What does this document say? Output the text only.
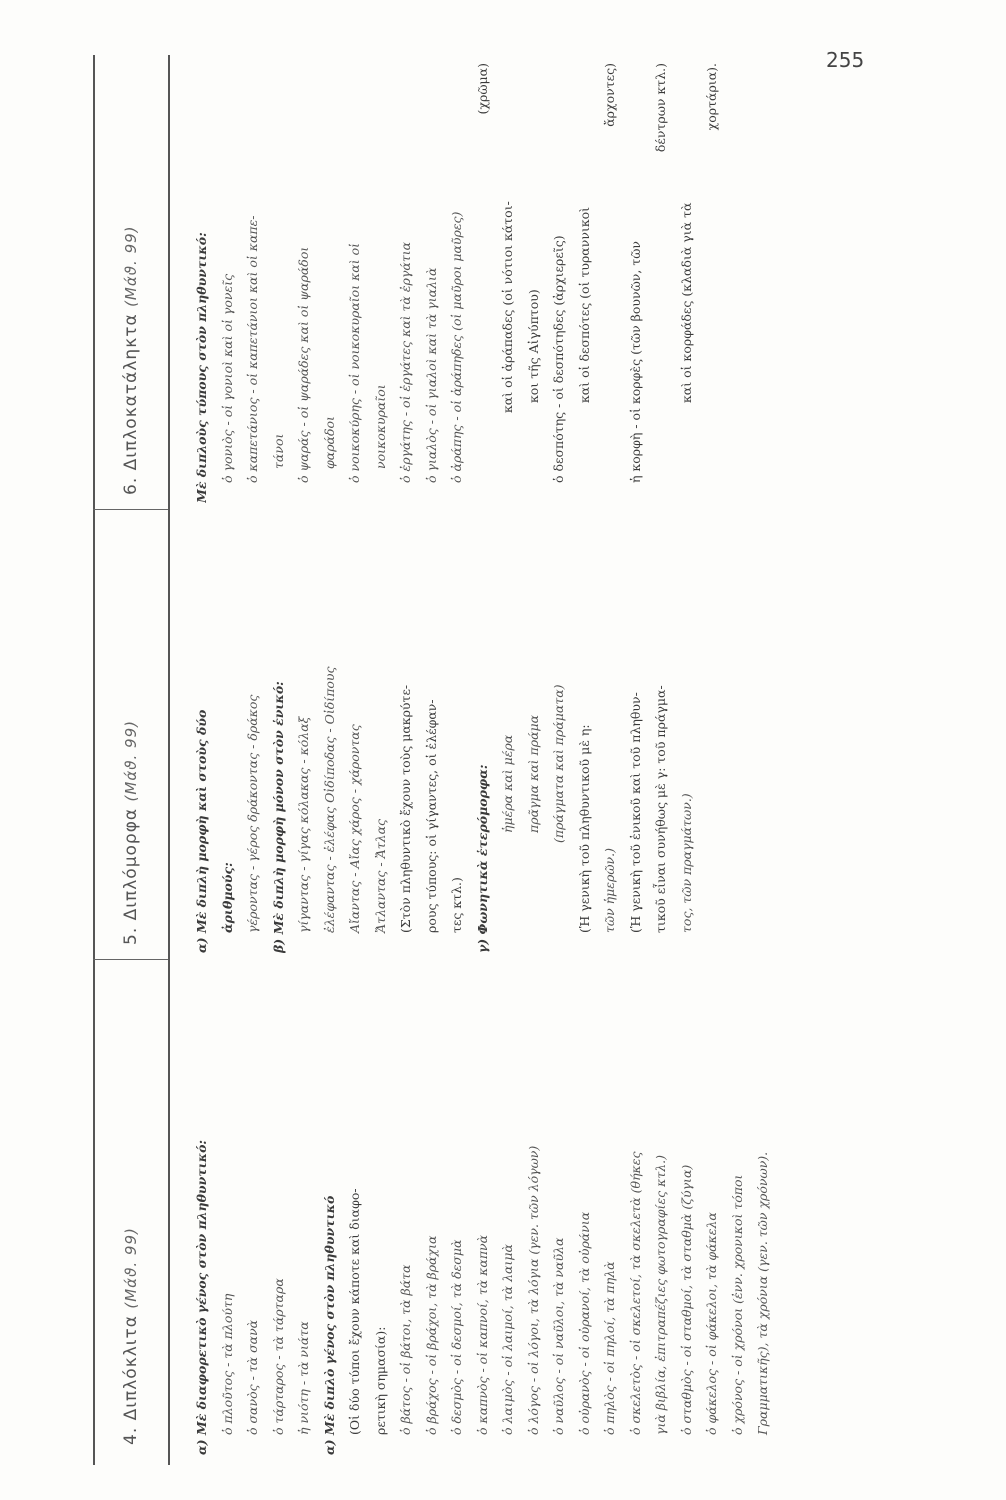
255
4. Διπλόκλιτα (Μάϑ. 99)
5. Διπλόμορφα (Μάϑ. 99)
6. Διπλοκατάληκτα (Μάϑ. 99)
α) Μὲ διαφορετικὸ γένος στὸν πληθυντικό: ὁ πλοῦτος - τὰ πλούτη ὁ σανὸς - τὰ σανὰ ὁ τάρταρος - τὰ τάρταρα ἡ νιότη - τὰ νιάτα α) Μὲ διπλὸ γένος στὸν πληθυντικό (Οἱ δύο τύποι ἔχουν κάποτε καὶ διαφο- ρετικὴ σημασία): ὁ βάτος - οἱ βάτοι, τὰ βάτα ὁ βράχος - οἱ βράχοι, τὰ βράχια ὁ δεσμὸς - οἱ δεσμοί, τὰ δεσμὰ ὁ καπνὸς - οἱ καπνοί, τὰ καπνὰ ὁ λαιμὸς - οἱ λαιμοί, τὰ λαιμὰ ὁ λόγος - οἱ λόγοι, τὰ λόγια (γεν. τῶν λόγων) ὁ ναῦλος - οἱ ναῦλοι, τὰ ναῦλα ὁ οὐρανὸς - οἱ οὐρανοί, τὰ οὐράνια ὁ πηλὸς - οἱ πηλοί, τὰ πηλὰ ὁ σκελετὸς - οἱ σκελετοί, τὰ σκελετὰ (θήκες γιὰ βιβλία, ἐπιτραπέζιες φωτογραφίες κτλ.) ὁ σταθμὸς - οἱ σταθμοί, τὰ σταθμὰ (ζύγια) ὁ φάκελος - οἱ φάκελοι, τὰ φάκελα ὁ χρόνος - οἱ χρόνοι (ἐνν. χρονικοὶ τόποι Γραμματικῆς), τὰ χρόνια (γεν. τῶν χρόνων).
α) Μὲ διπλὴ μορφὴ καὶ στοὺς δύο ἀριθμούς: γέροντας - γέρος δράκοντας - δράκος β) Μὲ διπλὴ μορφὴ μόνον στὸν ἑνικό: γίγαντας - γίγας κόλακας - κόλαξ ἐλέφαντας - ἐλέφας Οἰδίποδας - Οἰδίπους Αἴαντας - Αἴας χάρος - χάροντας Ἄτλαντας - Ἄτλας (Στὸν πληθυντικὸ ἔχουν τοὺς μακρύτε- ρους τύπους: οἱ γίγαντες, οἱ ἐλέφαν- τες κτλ.) γ) Φωνητικὰ ἑτερόμορφα: ἡμέρα καὶ μέρα πρᾶγμα καὶ πράμα (πράγματα καὶ πράματα) (Ἡ γενικὴ τοῦ πληθυντικοῦ μὲ η: τῶν ἡμερῶν.) (Ἡ γενικὴ τοῦ ἑνικοῦ καὶ τοῦ πληθυν- τικοῦ εἶναι συνήθως μὲ γ: τοῦ πράγμα- τος, τῶν πραγμάτων.)
Μὲ διπλοὺς τύπους στὸν πληθυντικό: ὁ γονιὸς - οἱ γονιοὶ καὶ οἱ γονεῖς ὁ καπετάνιος - οἱ καπετάνιοι καὶ οἱ καπε- τάνοι ὁ ψαράς - οἱ ψαράδες καὶ οἱ ψαράδοι φαράδοι ὁ νοικοκύρης - οἱ νοικοκυραῖοι καὶ οἱ νοικοκυραῖοι ὁ ἐργάτης - οἱ ἐργάτες καὶ τὰ ἐργάτια ὁ γιαλὸς - οἱ γιαλοὶ καὶ τὰ γιαλιὰ ὁ ἀράπης - οἱ ἀράπηδες (οἱ μαῦροι μαῦρες)
(χρῶμα)
καὶ οἱ ἀράπαδες (οἱ νότιοι κάτοι- κοι τῆς Αἰγύπτου) ὁ δεσπότης - οἱ δεσπότηδες (ἀρχιερεῖς) καὶ οἱ δεσπότες (οἱ τυραννικοὶ
ἄρχοντες)
ἡ κορφὴ - οἱ κορφὲς (τῶν βουνῶν, τῶν
δέντρων κτλ.)
καὶ οἱ κορφάδες (κλαδιὰ γιὰ τὰ
χορτάρια).
